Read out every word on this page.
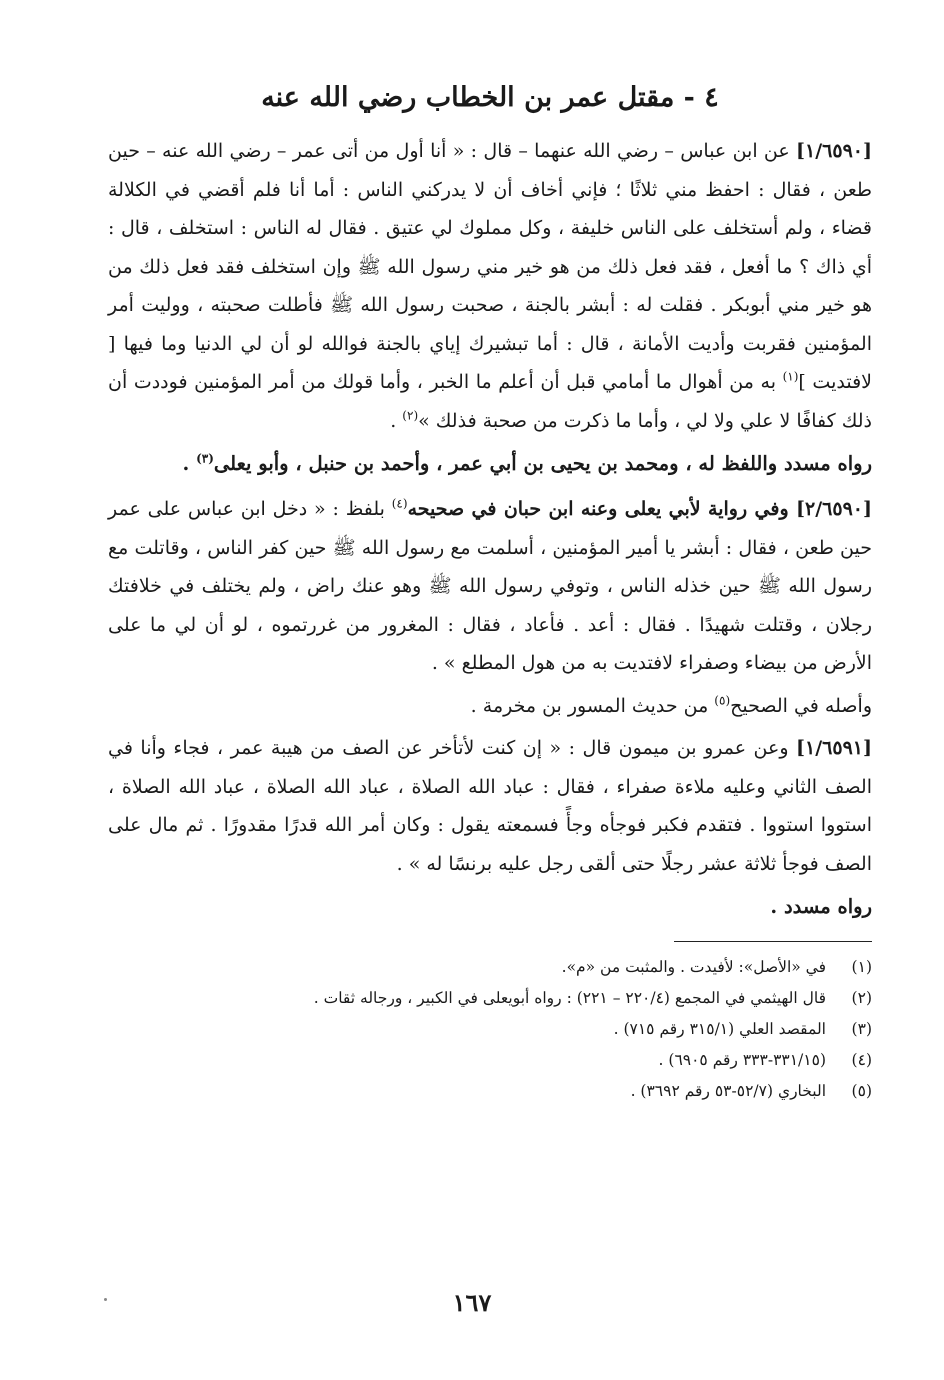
٤ - مقتل عمر بن الخطاب رضي الله عنه

[١/٦٥٩٠] عن ابن عباس – رضي الله عنهما – قال : « أنا أول من أتى عمر – رضي الله عنه – حين طعن ، فقال : احفظ مني ثلاثًا ؛ فإني أخاف أن لا يدركني الناس : أما أنا فلم أقضي في الكلالة قضاء ، ولم أستخلف على الناس خليفة ، وكل مملوك لي عتيق . فقال له الناس : استخلف ، قال : أي ذاك ؟ ما أفعل ، فقد فعل ذلك من هو خير مني رسول الله ﷺ وإن استخلف فقد فعل ذلك من هو خير مني أبوبكر . فقلت له : أبشر بالجنة ، صحبت رسول الله ﷺ فأطلت صحبته ، ووليت أمر المؤمنين فقربت وأديت الأمانة ، قال : أما تبشيرك إياي بالجنة فوالله لو أن لي الدنيا وما فيها [ لافتديت ]$^{(١)}$ به من أهوال ما أمامي قبل أن أعلم ما الخبر ، وأما قولك من أمر المؤمنين فوددت أن ذلك كفافًا لا علي ولا لي ، وأما ما ذكرت من صحبة فذلك »$^{(٢)}$ .

رواه مسدد واللفظ له ، ومحمد بن يحيى بن أبي عمر ، وأحمد بن حنبل ، وأبو يعلى$^{(٣)}$ .

[٢/٦٥٩٠] وفي رواية لأبي يعلى وعنه ابن حبان في صحيحه$^{(٤)}$ بلفظ : « دخل ابن عباس على عمر حين طعن ، فقال : أبشر يا أمير المؤمنين ، أسلمت مع رسول الله ﷺ حين كفر الناس ، وقاتلت مع رسول الله ﷺ حين خذله الناس ، وتوفي رسول الله ﷺ وهو عنك راض ، ولم يختلف في خلافتك رجلان ، وقتلت شهيدًا . فقال : أعد . فأعاد ، فقال : المغرور من غررتموه ، لو أن لي ما على الأرض من بيضاء وصفراء لافتديت به من هول المطلع » .

وأصله في الصحيح$^{(٥)}$ من حديث المسور بن مخرمة .

[١/٦٥٩١] وعن عمرو بن ميمون قال : « إن كنت لأتأخر عن الصف من هيبة عمر ، فجاء وأنا في الصف الثاني وعليه ملاءة صفراء ، فقال : عباد الله الصلاة ، عباد الله الصلاة ، عباد الله الصلاة ، استووا استووا . فتقدم فكبر فوجأه وجأً فسمعته يقول : وكان أمر الله قدرًا مقدورًا . ثم مال على الصف فوجأ ثلاثة عشر رجلًا حتى ألقى رجل عليه برنسًا له » .

رواه مسدد .

(١)
في «الأصل»: لأفيدت . والمثبت من «م».
(٢)
قال الهيثمي في المجمع (٢٢٠/٤ – ٢٢١) : رواه أبويعلى في الكبير ، ورجاله ثقات .
(٣)
المقصد العلي (٣١٥/١ رقم ٧١٥) .
(٤)
(٣٣١/١٥-٣٣٣ رقم ٦٩٠٥) .
(٥)
البخاري (٥٢/٧-٥٣ رقم ٣٦٩٢) .
١٦٧
